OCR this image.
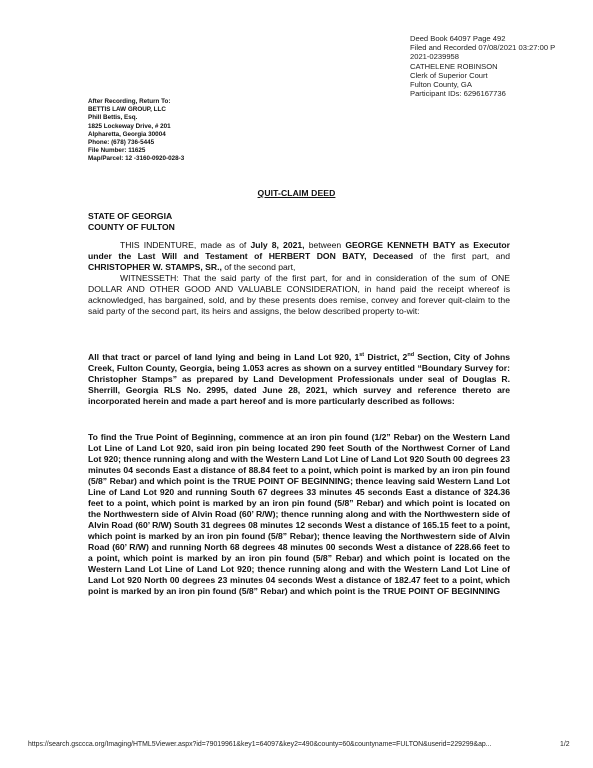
Deed Book 64097 Page 492
Filed and Recorded 07/08/2021 03:27:00 P
2021-0239958
CATHELENE ROBINSON
Clerk of Superior Court
Fulton County, GA
Participant IDs: 6296167736
After Recording, Return To:
BETTIS LAW GROUP, LLC
Phill Bettis, Esq.
1825 Lockeway Drive, # 201
Alpharetta, Georgia 30004
Phone: (678) 736-5445
File Number: 11625
Map/Parcel: 12 -3160-0920-028-3
QUIT-CLAIM DEED
STATE OF GEORGIA
COUNTY OF FULTON
THIS INDENTURE, made as of July 8, 2021, between GEORGE KENNETH BATY as Executor under the Last Will and Testament of HERBERT DON BATY, Deceased of the first part, and CHRISTOPHER W. STAMPS, SR., of the second part,
WITNESSETH: That the said party of the first part, for and in consideration of the sum of ONE DOLLAR AND OTHER GOOD AND VALUABLE CONSIDERATION, in hand paid the receipt whereof is acknowledged, has bargained, sold, and by these presents does remise, convey and forever quit-claim to the said party of the second part, its heirs and assigns, the below described property to-wit:
All that tract or parcel of land lying and being in Land Lot 920, 1st District, 2nd Section, City of Johns Creek, Fulton County, Georgia, being 1.053 acres as shown on a survey entitled “Boundary Survey for: Christopher Stamps” as prepared by Land Development Professionals under seal of Douglas R. Sherrill, Georgia RLS No. 2995, dated June 28, 2021, which survey and reference thereto are incorporated herein and made a part hereof and is more particularly described as follows:
To find the True Point of Beginning, commence at an iron pin found (1/2” Rebar) on the Western Land Lot Line of Land Lot 920, said iron pin being located 290 feet South of the Northwest Corner of Land Lot 920; thence running along and with the Western Land Lot Line of Land Lot 920 South 00 degrees 23 minutes 04 seconds East a distance of 88.84 feet to a point, which point is marked by an iron pin found (5/8” Rebar) and which point is the TRUE POINT OF BEGINNING; thence leaving said Western Land Lot Line of Land Lot 920 and running South 67 degrees 33 minutes 45 seconds East a distance of 324.36 feet to a point, which point is marked by an iron pin found (5/8” Rebar) and which point is located on the Northwestern side of Alvin Road (60’ R/W); thence running along and with the Northwestern side of Alvin Road (60’ R/W) South 31 degrees 08 minutes 12 seconds West a distance of 165.15 feet to a point, which point is marked by an iron pin found (5/8” Rebar); thence leaving the Northwestern side of Alvin Road (60’ R/W) and running North 68 degrees 48 minutes 00 seconds West a distance of 228.66 feet to a point, which point is marked by an iron pin found (5/8” Rebar) and which point is located on the Western Land Lot Line of Land Lot 920; thence running along and with the Western Land Lot Line of Land Lot 920 North 00 degrees 23 minutes 04 seconds West a distance of 182.47 feet to a point, which point is marked by an iron pin found (5/8” Rebar) and which point is the TRUE POINT OF BEGINNING
https://search.gsccca.org/Imaging/HTML5Viewer.aspx?id=79019961&key1=64097&key2=490&county=60&countyname=FULTON&userid=229299&ap...	1/2
